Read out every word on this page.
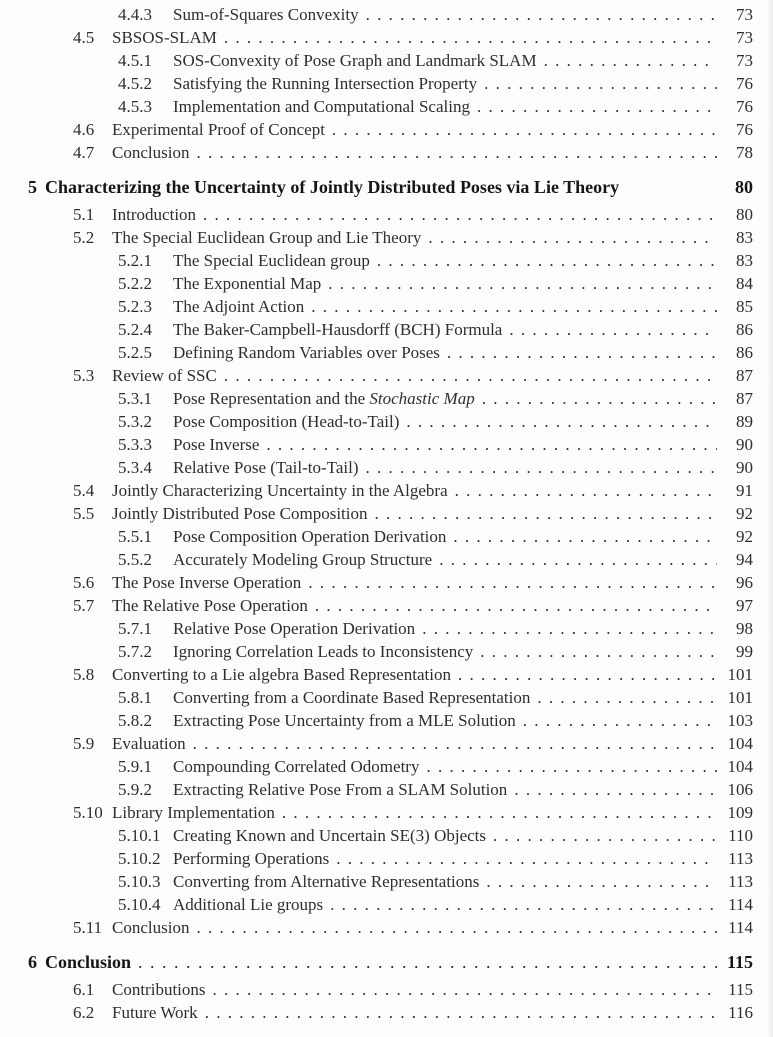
4.4.3	Sum-of-Squares Convexity . . .	73
4.5	SBSOS-SLAM . . .	73
4.5.1	SOS-Convexity of Pose Graph and Landmark SLAM . . .	73
4.5.2	Satisfying the Running Intersection Property . . .	76
4.5.3	Implementation and Computational Scaling . . .	76
4.6	Experimental Proof of Concept . . .	76
4.7	Conclusion . . .	78
5 Characterizing the Uncertainty of Jointly Distributed Poses via Lie Theory	80
5.1	Introduction . . .	80
5.2	The Special Euclidean Group and Lie Theory . . .	83
5.2.1	The Special Euclidean group . . .	83
5.2.2	The Exponential Map . . .	84
5.2.3	The Adjoint Action . . .	85
5.2.4	The Baker-Campbell-Hausdorff (BCH) Formula . . .	86
5.2.5	Defining Random Variables over Poses . . .	86
5.3	Review of SSC . . .	87
5.3.1	Pose Representation and the Stochastic Map . . .	87
5.3.2	Pose Composition (Head-to-Tail) . . .	89
5.3.3	Pose Inverse . . .	90
5.3.4	Relative Pose (Tail-to-Tail) . . .	90
5.4	Jointly Characterizing Uncertainty in the Algebra . . .	91
5.5	Jointly Distributed Pose Composition . . .	92
5.5.1	Pose Composition Operation Derivation . . .	92
5.5.2	Accurately Modeling Group Structure . . .	94
5.6	The Pose Inverse Operation . . .	96
5.7	The Relative Pose Operation . . .	97
5.7.1	Relative Pose Operation Derivation . . .	98
5.7.2	Ignoring Correlation Leads to Inconsistency . . .	99
5.8	Converting to a Lie algebra Based Representation . . .	101
5.8.1	Converting from a Coordinate Based Representation . . .	101
5.8.2	Extracting Pose Uncertainty from a MLE Solution . . .	103
5.9	Evaluation . . .	104
5.9.1	Compounding Correlated Odometry . . .	104
5.9.2	Extracting Relative Pose From a SLAM Solution . . .	106
5.10 Library Implementation . . .	109
5.10.1 Creating Known and Uncertain SE(3) Objects . . .	110
5.10.2 Performing Operations . . .	113
5.10.3 Converting from Alternative Representations . . .	113
5.10.4 Additional Lie groups . . .	114
5.11 Conclusion . . .	114
6 Conclusion . . .	115
6.1	Contributions . . .	115
6.2	Future Work . . .	116
